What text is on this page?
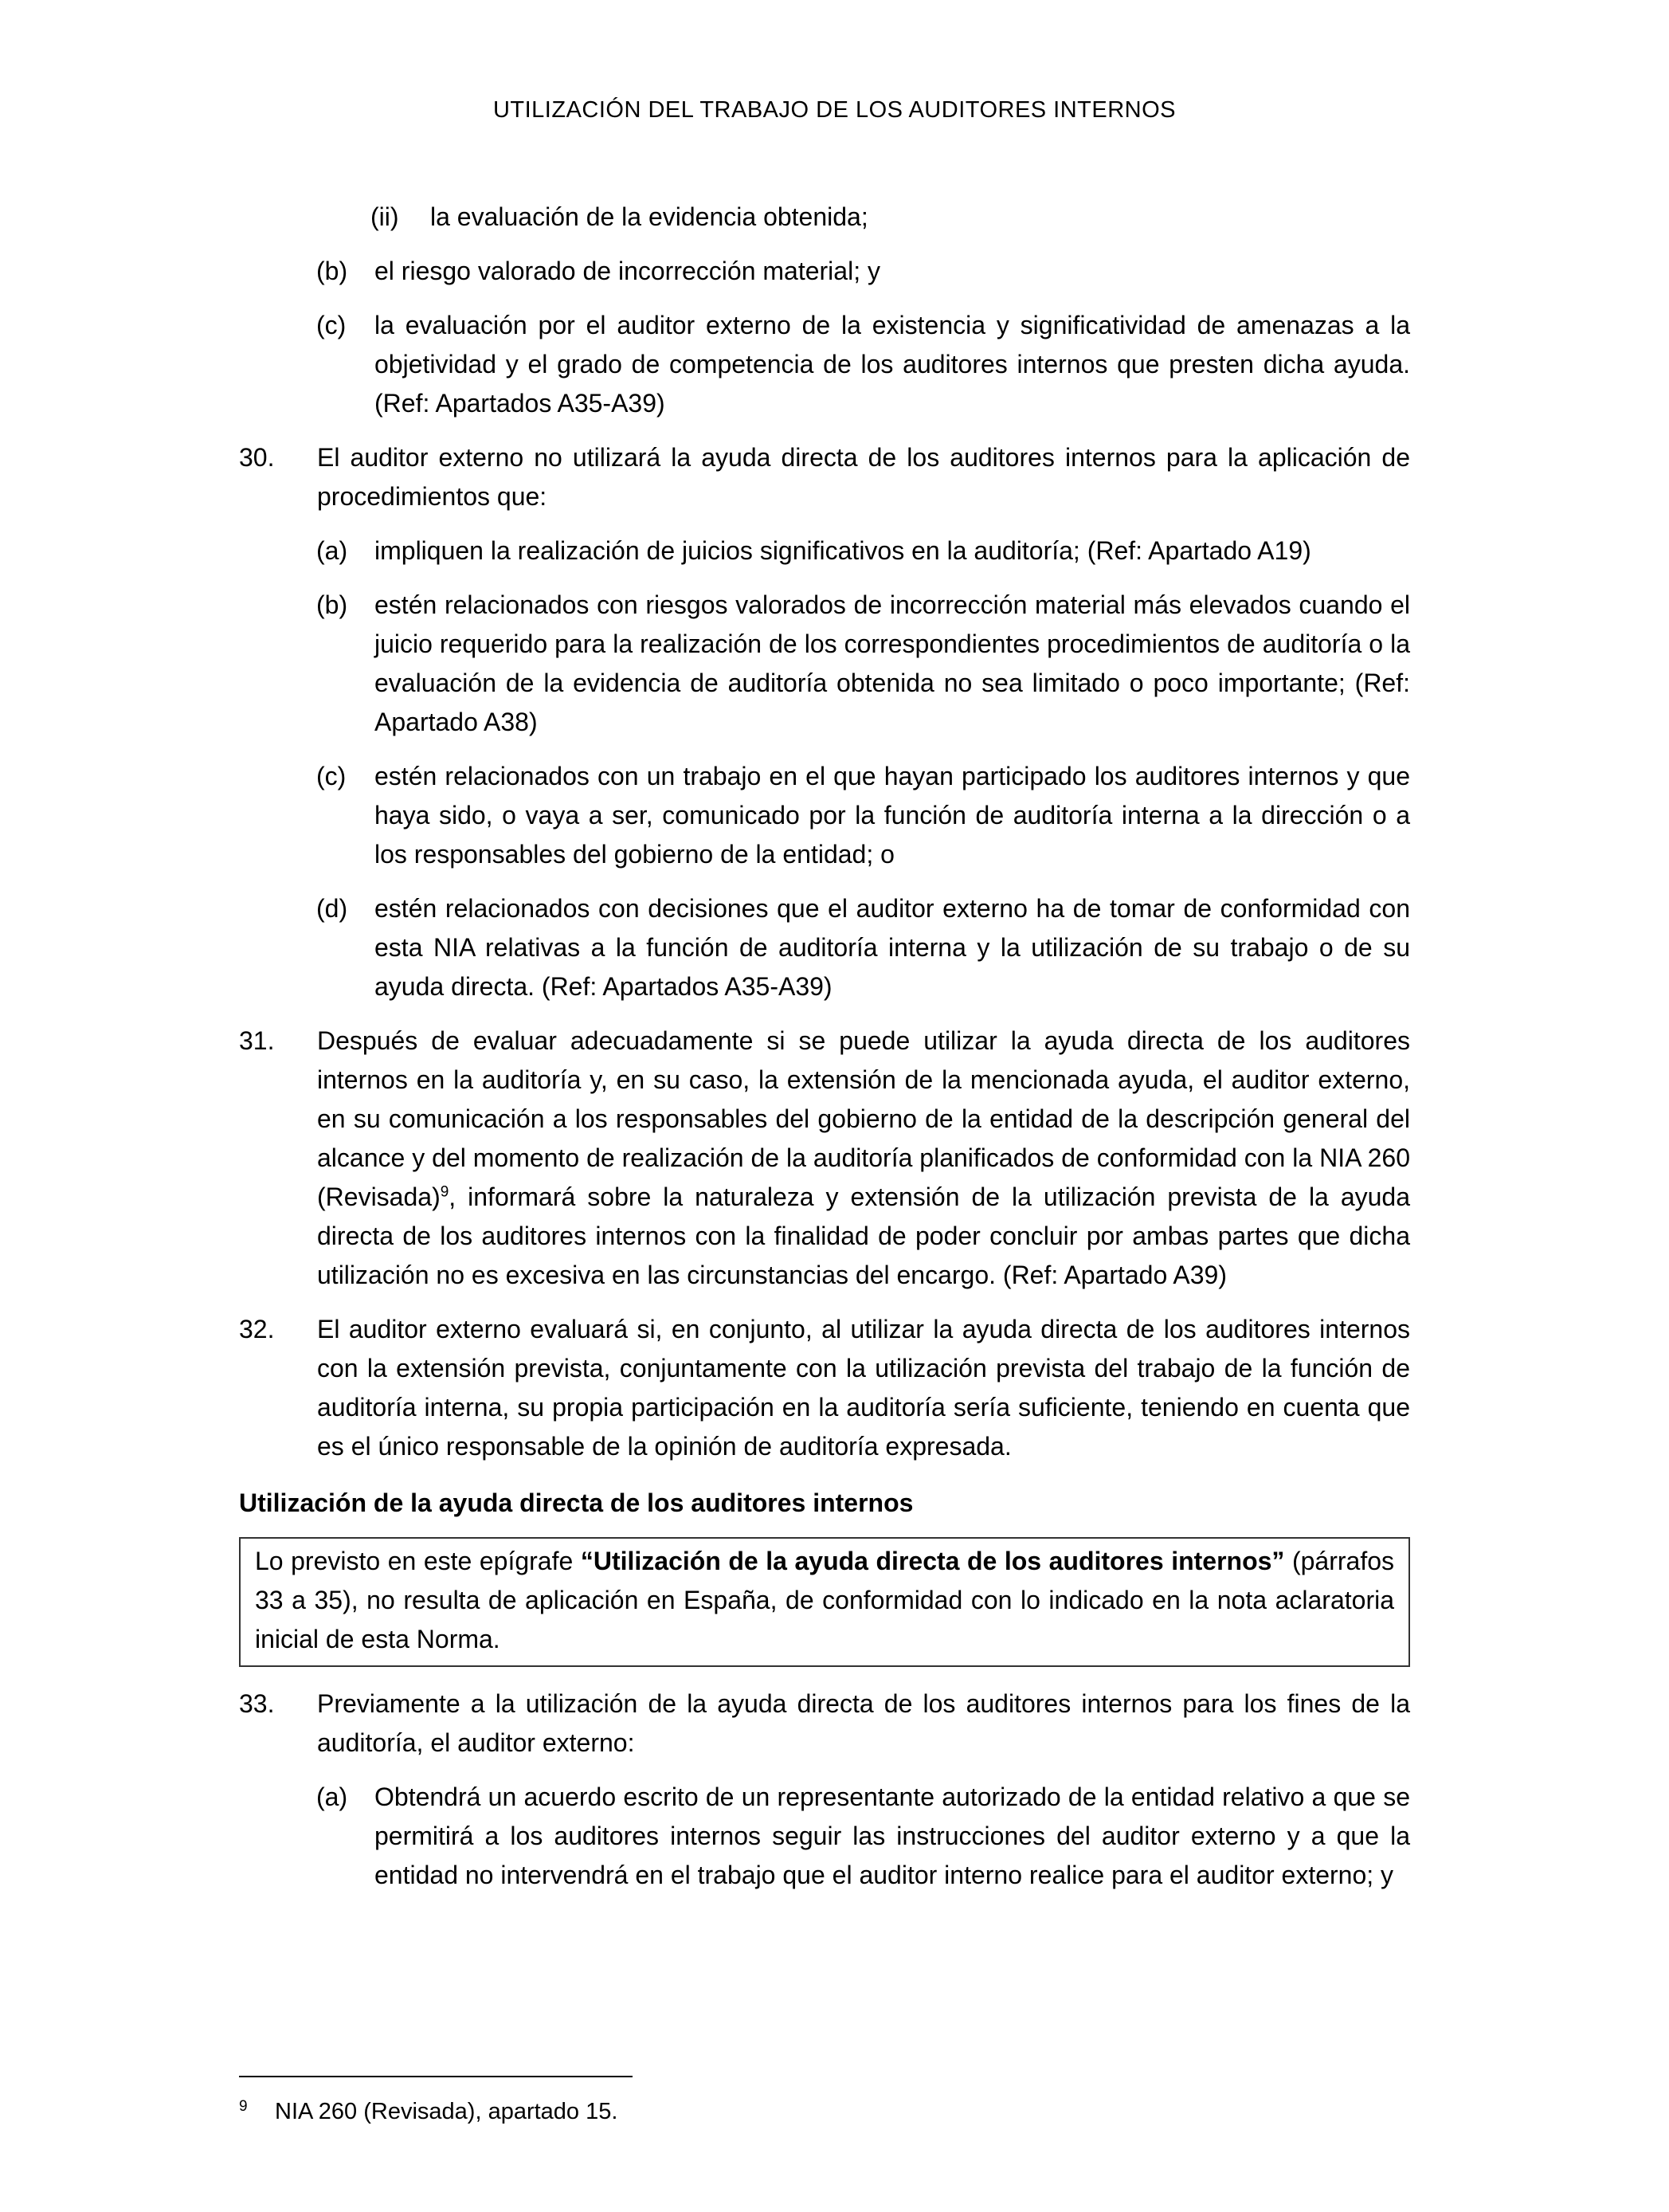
UTILIZACIÓN DEL TRABAJO DE LOS AUDITORES INTERNOS
(ii) la evaluación de la evidencia obtenida;
(b) el riesgo valorado de incorrección material; y
(c) la evaluación por el auditor externo de la existencia y significatividad de amenazas a la objetividad y el grado de competencia de los auditores internos que presten dicha ayuda. (Ref: Apartados A35-A39)
30. El auditor externo no utilizará la ayuda directa de los auditores internos para la aplicación de procedimientos que:
(a) impliquen la realización de juicios significativos en la auditoría; (Ref: Apartado A19)
(b) estén relacionados con riesgos valorados de incorrección material más elevados cuando el juicio requerido para la realización de los correspondientes procedimientos de auditoría o la evaluación de la evidencia de auditoría obtenida no sea limitado o poco importante; (Ref: Apartado A38)
(c) estén relacionados con un trabajo en el que hayan participado los auditores internos y que haya sido, o vaya a ser, comunicado por la función de auditoría interna a la dirección o a los responsables del gobierno de la entidad; o
(d) estén relacionados con decisiones que el auditor externo ha de tomar de conformidad con esta NIA relativas a la función de auditoría interna y la utilización de su trabajo o de su ayuda directa. (Ref: Apartados A35-A39)
31. Después de evaluar adecuadamente si se puede utilizar la ayuda directa de los auditores internos en la auditoría y, en su caso, la extensión de la mencionada ayuda, el auditor externo, en su comunicación a los responsables del gobierno de la entidad de la descripción general del alcance y del momento de realización de la auditoría planificados de conformidad con la NIA 260 (Revisada)$^9$, informará sobre la naturaleza y extensión de la utilización prevista de la ayuda directa de los auditores internos con la finalidad de poder concluir por ambas partes que dicha utilización no es excesiva en las circunstancias del encargo. (Ref: Apartado A39)
32. El auditor externo evaluará si, en conjunto, al utilizar la ayuda directa de los auditores internos con la extensión prevista, conjuntamente con la utilización prevista del trabajo de la función de auditoría interna, su propia participación en la auditoría sería suficiente, teniendo en cuenta que es el único responsable de la opinión de auditoría expresada.
Utilización de la ayuda directa de los auditores internos
Lo previsto en este epígrafe “Utilización de la ayuda directa de los auditores internos” (párrafos 33 a 35), no resulta de aplicación en España, de conformidad con lo indicado en la nota aclaratoria inicial de esta Norma.
33. Previamente a la utilización de la ayuda directa de los auditores internos para los fines de la auditoría, el auditor externo:
(a) Obtendrá un acuerdo escrito de un representante autorizado de la entidad relativo a que se permitirá a los auditores internos seguir las instrucciones del auditor externo y a que la entidad no intervendrá en el trabajo que el auditor interno realice para el auditor externo; y
9 NIA 260 (Revisada), apartado 15.
